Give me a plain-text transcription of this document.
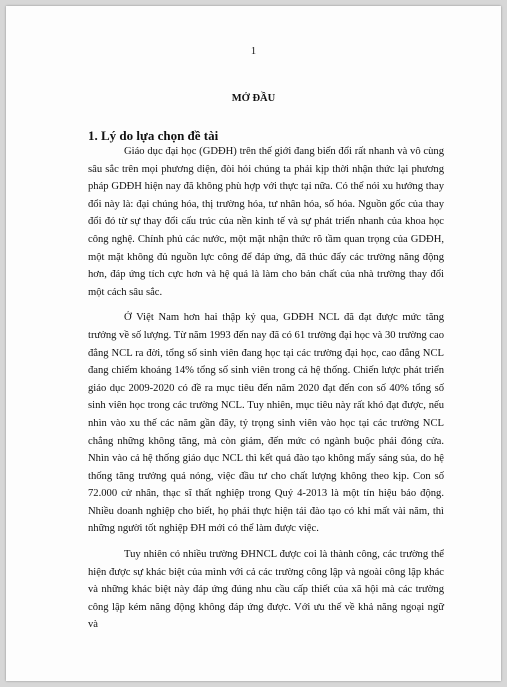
1
MỞ ĐẦU
1. Lý do lựa chọn đề tài

Giáo dục đại học (GDĐH) trên thế giới đang biến đổi rất nhanh và vô cùng sâu sắc trên mọi phương diện, đòi hỏi chúng ta phải kịp thời nhận thức lại phương pháp GDĐH hiện nay đã không phù hợp với thực tại nữa. Có thể nói xu hướng thay đổi này là: đại chúng hóa, thị trường hóa, tư nhân hóa, số hóa. Nguồn gốc của thay đổi đó từ sự thay đổi cấu trúc của nền kinh tế và sự phát triển nhanh của khoa học công nghệ. Chính phủ các nước, một mặt nhận thức rõ tầm quan trọng của GDĐH, một mặt không đủ nguồn lực công để đáp ứng, đã thúc đẩy các trường năng động hơn, đáp ứng tích cực hơn và hệ quả là làm cho bản chất của nhà trường thay đổi một cách sâu sắc.

Ở Việt Nam hơn hai thập kỷ qua, GDĐH NCL đã đạt được mức tăng trưởng về số lượng. Từ năm 1993 đến nay đã có 61 trường đại học và 30 trường cao đẳng NCL ra đời, tổng số sinh viên đang học tại các trường đại học, cao đẳng NCL đang chiếm khoảng 14% tổng số sinh viên trong cả hệ thống. Chiến lược phát triển giáo dục 2009-2020 có đề ra mục tiêu đến năm 2020 đạt đến con số 40% tổng số sinh viên học trong các trường NCL. Tuy nhiên, mục tiêu này rất khó đạt được, nếu nhìn vào xu thế các năm gần đây, tỷ trọng sinh viên vào học tại các trường NCL chẳng những không tăng, mà còn giảm, đến mức có ngành buộc phải đóng cửa. Nhìn vào cả hệ thống giáo dục NCL thì kết quả đào tạo không mấy sáng sủa, do hệ thống tăng trưởng quá nóng, việc đầu tư cho chất lượng không theo kịp. Con số 72.000 cử nhân, thạc sĩ thất nghiệp trong Quý 4-2013 là một tín hiệu báo động. Nhiều doanh nghiệp cho biết, họ phải thực hiện tái đào tạo có khi mất vài năm, thì những người tốt nghiệp ĐH mới có thể làm được việc.

Tuy nhiên có nhiều trường ĐHNCL được coi là thành công, các trường thể hiện được sự khác biệt của mình với cả các trường công lập và ngoài công lập khác và những khác biệt này đáp ứng đúng nhu cầu cấp thiết của xã hội mà các trường công lập kém năng động không đáp ứng được. Với ưu thế về khả năng ngoại ngữ và
